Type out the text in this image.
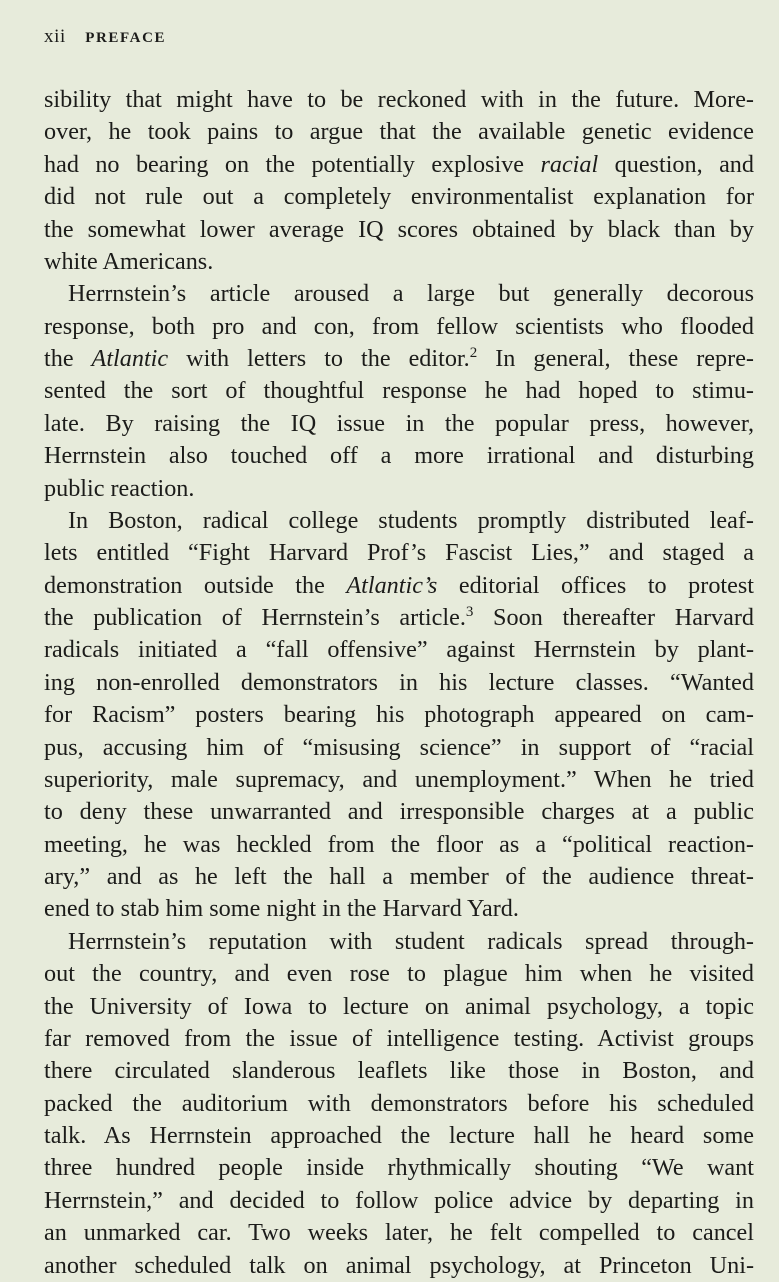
xii PREFACE
sibility that might have to be reckoned with in the future. More-
over, he took pains to argue that the available genetic evidence
had no bearing on the potentially explosive racial question, and
did not rule out a completely environmentalist explanation for
the somewhat lower average IQ scores obtained by black than by
white Americans.
Herrnstein’s article aroused a large but generally decorous
response, both pro and con, from fellow scientists who flooded
the Atlantic with letters to the editor.$^2$ In general, these repre-
sented the sort of thoughtful response he had hoped to stimu-
late. By raising the IQ issue in the popular press, however,
Herrnstein also touched off a more irrational and disturbing
public reaction.
In Boston, radical college students promptly distributed leaf-
lets entitled “Fight Harvard Prof’s Fascist Lies,” and staged a
demonstration outside the Atlantic’s editorial offices to protest
the publication of Herrnstein’s article.$^3$ Soon thereafter Harvard
radicals initiated a “fall offensive” against Herrnstein by plant-
ing non-enrolled demonstrators in his lecture classes. “Wanted
for Racism” posters bearing his photograph appeared on cam-
pus, accusing him of “misusing science” in support of “racial
superiority, male supremacy, and unemployment.” When he tried
to deny these unwarranted and irresponsible charges at a public
meeting, he was heckled from the floor as a “political reaction-
ary,” and as he left the hall a member of the audience threat-
ened to stab him some night in the Harvard Yard.
Herrnstein’s reputation with student radicals spread through-
out the country, and even rose to plague him when he visited
the University of Iowa to lecture on animal psychology, a topic
far removed from the issue of intelligence testing. Activist groups
there circulated slanderous leaflets like those in Boston, and
packed the auditorium with demonstrators before his scheduled
talk. As Herrnstein approached the lecture hall he heard some
three hundred people inside rhythmically shouting “We want
Herrnstein,” and decided to follow police advice by departing in
an unmarked car. Two weeks later, he felt compelled to cancel
another scheduled talk on animal psychology, at Princeton Uni-
